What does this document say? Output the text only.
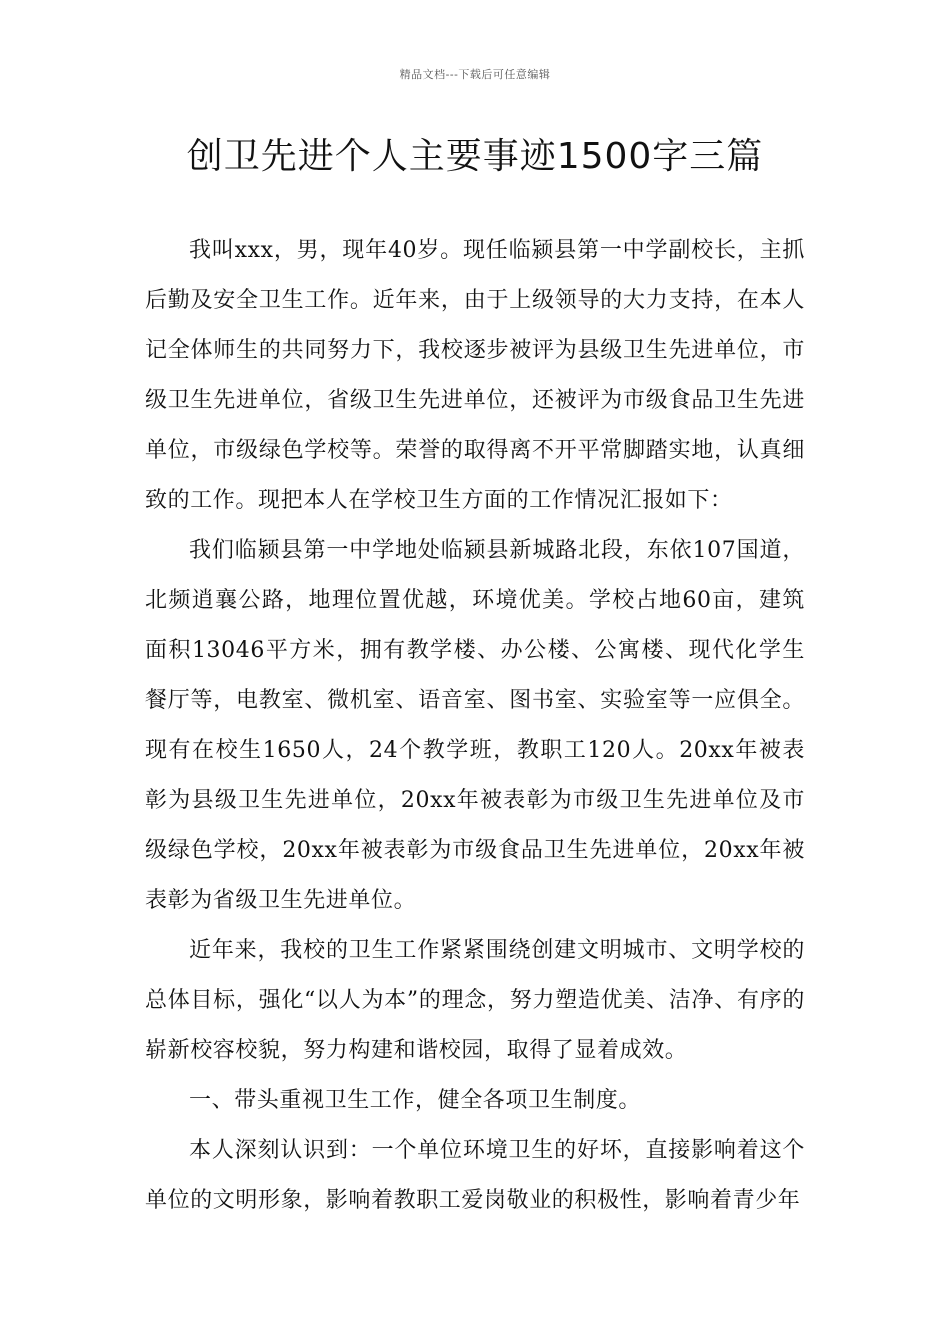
精品文档---下载后可任意编辑
创卫先进个人主要事迹1500字三篇

我叫xxx，男，现年40岁。现任临颍县第一中学副校长，主抓后勤及安全卫生工作。近年来，由于上级领导的大力支持，在本人记全体师生的共同努力下，我校逐步被评为县级卫生先进单位，市级卫生先进单位，省级卫生先进单位，还被评为市级食品卫生先进单位，市级绿色学校等。荣誉的取得离不开平常脚踏实地，认真细致的工作。现把本人在学校卫生方面的工作情况汇报如下：

我们临颍县第一中学地处临颍县新城路北段，东依107国道，北频逍襄公路，地理位置优越，环境优美。学校占地60亩，建筑面积13046平方米，拥有教学楼、办公楼、公寓楼、现代化学生餐厅等，电教室、微机室、语音室、图书室、实验室等一应俱全。现有在校生1650人，24个教学班，教职工120人。20xx年被表彰为县级卫生先进单位，20xx年被表彰为市级卫生先进单位及市级绿色学校，20xx年被表彰为市级食品卫生先进单位，20xx年被表彰为省级卫生先进单位。

近年来，我校的卫生工作紧紧围绕创建文明城市、文明学校的总体目标，强化“以人为本”的理念，努力塑造优美、洁净、有序的崭新校容校貌，努力构建和谐校园，取得了显着成效。

一、带头重视卫生工作，健全各项卫生制度。

本人深刻认识到：一个单位环境卫生的好坏，直接影响着这个单位的文明形象，影响着教职工爱岗敬业的积极性，影响着青少年
